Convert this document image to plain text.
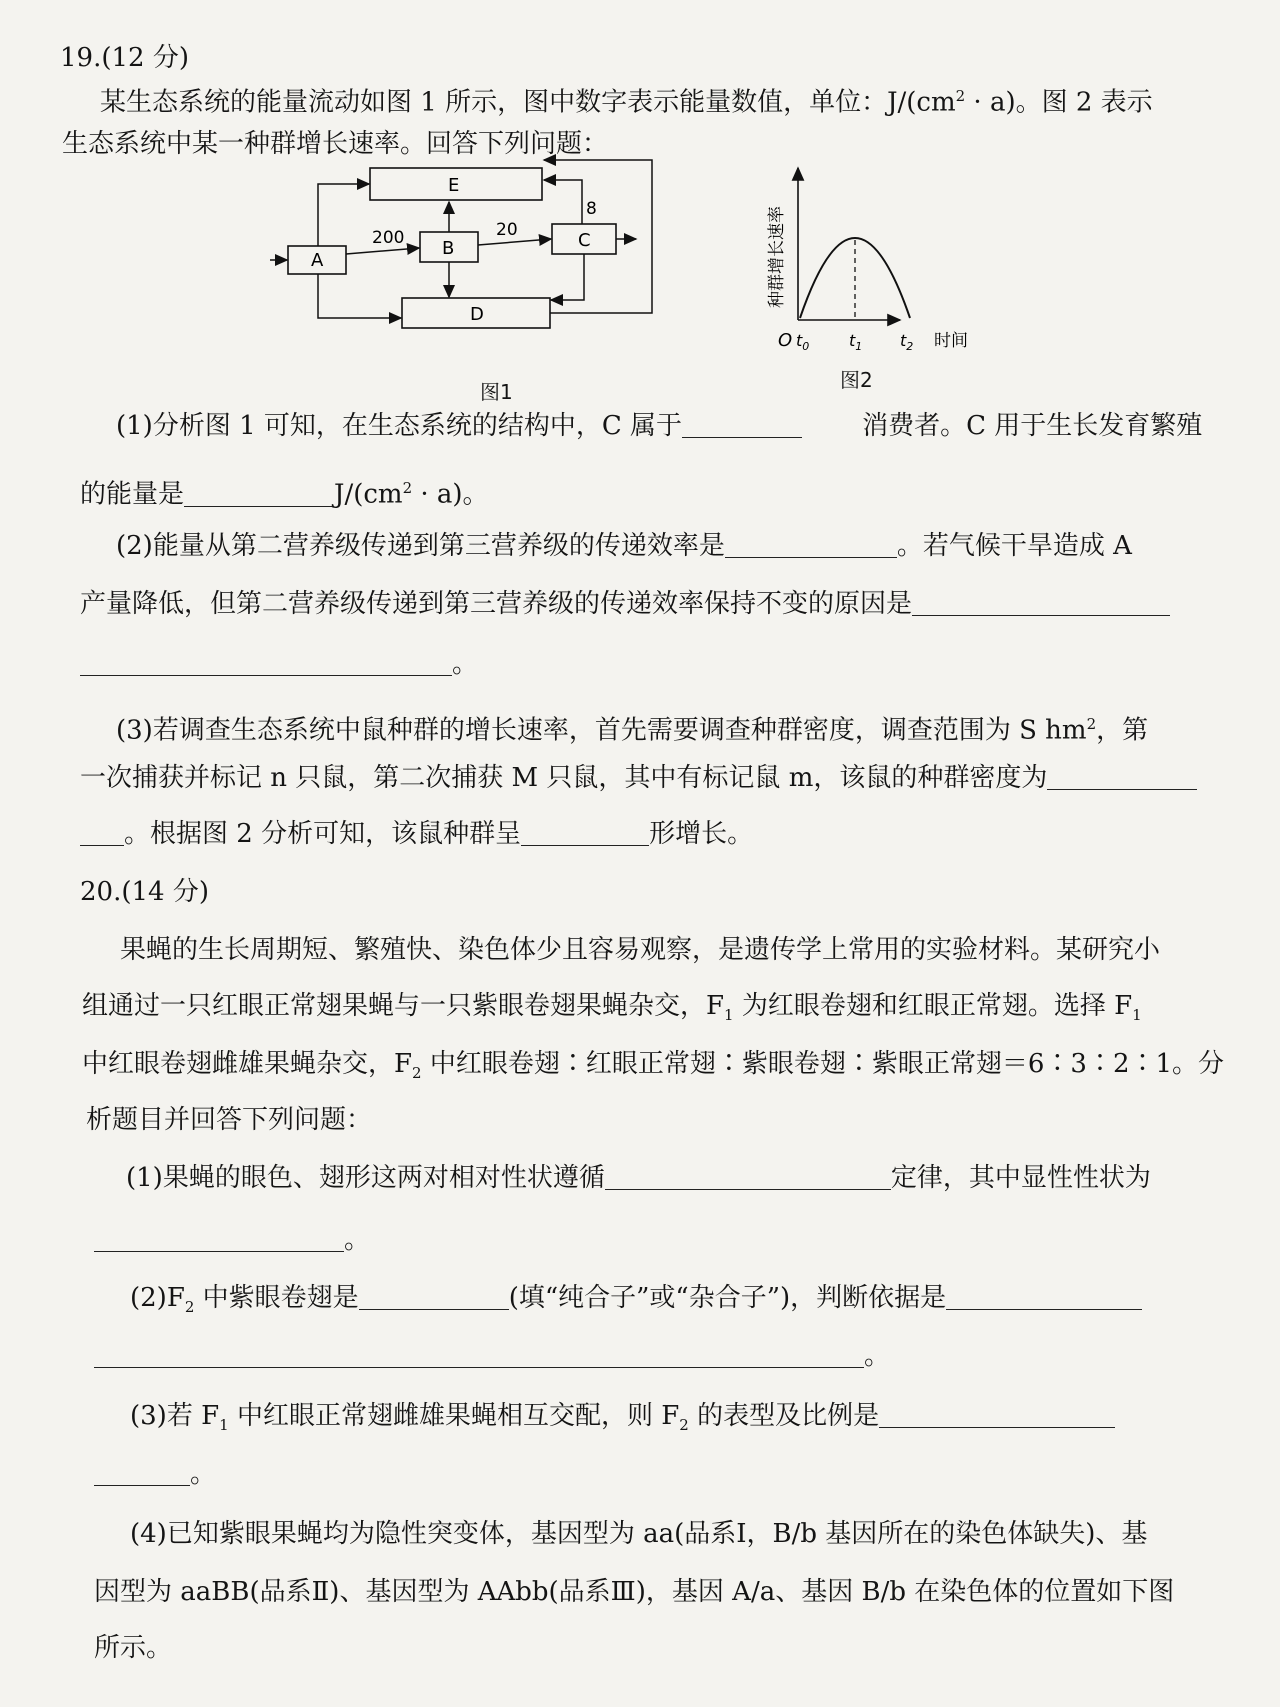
19.(12 分)
某生态系统的能量流动如图 1 所示，图中数字表示能量数值，单位：$J/(cm^2 \cdot a)$。图 2 表示
生态系统中某一种群增长速率。回答下列问题：
E
A
B	C
D
200	20
8
图1
种群增长速率
O $t_0$ $t_1$ $t_2$ 时间
图2
(1)分析图 1 可知，在生态系统的结构中，C 属于	消费者。C 用于生长发育繁殖
的能量是	$J/(cm^2 \cdot a)$。
(2)能量从第二营养级传递到第三营养级的传递效率是	。若气候干旱造成 A
产量降低，但第二营养级传递到第三营养级的传递效率保持不变的原因是
。
(3)若调查生态系统中鼠种群的增长速率，首先需要调查种群密度，调查范围为 S $hm^2$，第
一次捕获并标记 n 只鼠，第二次捕获 M 只鼠，其中有标记鼠 m，该鼠的种群密度为
。根据图 2 分析可知，该鼠种群呈	形增长。
20.(14 分)
果蝇的生长周期短、繁殖快、染色体少且容易观察，是遗传学上常用的实验材料。某研究小
组通过一只红眼正常翅果蝇与一只紫眼卷翅果蝇杂交，$F_1$ 为红眼卷翅和红眼正常翅。选择 $F_1$
中红眼卷翅雌雄果蝇杂交，$F_2$ 中红眼卷翅∶红眼正常翅∶紫眼卷翅∶紫眼正常翅＝6∶3∶2∶1。分
析题目并回答下列问题：
(1)果蝇的眼色、翅形这两对相对性状遵循	定律，其中显性性状为
。
$(2)F_2$ 中紫眼卷翅是	(填“纯合子”或“杂合子”)，判断依据是
。
(3)若 $F_1$ 中红眼正常翅雌雄果蝇相互交配，则 $F_2$ 的表型及比例是
。
(4)已知紫眼果蝇均为隐性突变体，基因型为 aa(品系Ⅰ，B/b 基因所在的染色体缺失)、基
因型为 aaBB(品系Ⅱ)、基因型为 AAbb(品系Ⅲ)，基因 A/a、基因 B/b 在染色体的位置如下图
所示。
